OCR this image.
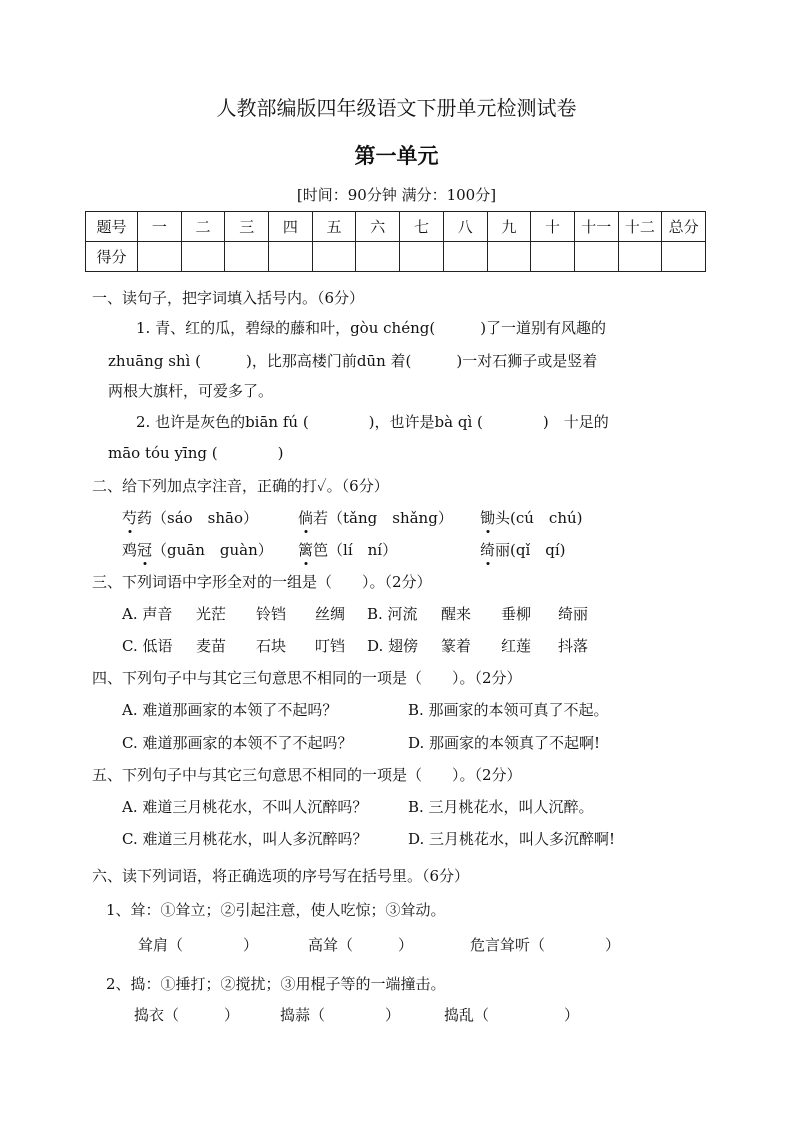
人教部编版四年级语文下册单元检测试卷
第一单元
[时间：90分钟 满分：100分]
题号	一	二	三	四	五	六	七	八	九	十	十一	十二	总分
得分													
一、读句子，把字词填入括号内。（6分）
1. 青、红的瓜，碧绿的藤和叶，gòu chéng(　　　)了一道别有风趣的
zhuāng shì (　　　)，比那高楼门前dūn 着(　　　)一对石狮子或是竖着
两根大旗杆，可爱多了。
2. 也许是灰色的biān fú (　　　　)，也许是bà qì (　　　　)　十足的
māo tóu yīng (　　　　)
二、给下列加点字注音，正确的打✓。（6分）
芍药（sáo　shāo）	倘若（tǎng　shǎng） 锄头(cú　chú)
鸡冠（guān　guàn） 篱笆（lí　ní）	绮丽(qǐ　qí)
三、下列词语中字形全对的一组是（　　）。（2分）
A. 声音 光茫 铃铛 丝绸 B. 河流 醒来 垂柳 绮丽
C. 低语 麦苗 石块 叮铛 D. 翅傍 篆着 红莲 抖落
四、下列句子中与其它三句意思不相同的一项是（　　）。（2分）
A. 难道那画家的本领了不起吗？	B. 那画家的本领可真了不起。
C. 难道那画家的本领不了不起吗？	D. 那画家的本领真了不起啊!
五、下列句子中与其它三句意思不相同的一项是（　　）。（2分）
A. 难道三月桃花水，不叫人沉醉吗？	B. 三月桃花水，叫人沉醉。
C. 难道三月桃花水，叫人多沉醉吗？	D. 三月桃花水，叫人多沉醉啊!
六、读下列词语，将正确选项的序号写在括号里。（6分）
1、耸：①耸立；②引起注意，使人吃惊；③耸动。
耸肩（　　　　）	高耸（　　　）	危言耸听（　　　　）
2、捣：①捶打；②搅扰；③用棍子等的一端撞击。
捣衣（　　　）	捣蒜（　　　　）	捣乱（　　　　　）
